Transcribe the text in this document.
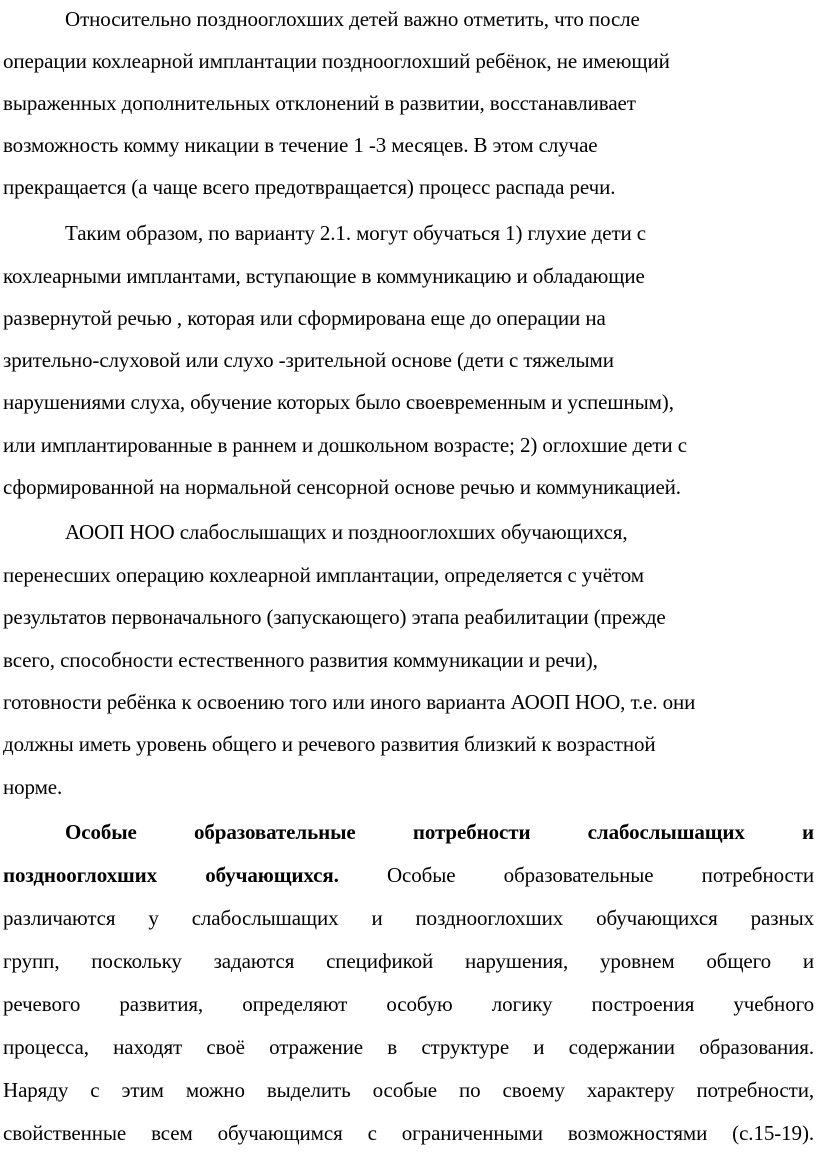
Относительно позднооглохших детей важно отметить, что после
операции кохлеарной имплантации позднооглохший ребёнок, не имеющий
выраженных дополнительных отклонений в развитии, восстанавливает
возможность комму никации в течение 1 -3 месяцев. В этом случае
прекращается (а чаще всего предотвращается) процесс распада речи.
Таким образом, по варианту 2.1. могут обучаться 1) глухие дети с
кохлеарными имплантами, вступающие в коммуникацию и обладающие
развернутой речью , которая или сформирована еще до операции на
зрительно-слуховой или слухо -зрительной основе (дети с тяжелыми
нарушениями слуха, обучение которых было своевременным и успешным),
или имплантированные в раннем и дошкольном возрасте; 2) оглохшие дети с
сформированной на нормальной сенсорной основе речью и коммуникацией.
АООП НОО слабослышащих и позднооглохших обучающихся,
перенесших операцию кохлеарной имплантации, определяется с учётом
результатов первоначального (запускающего) этапа реабилитации (прежде
всего, способности естественного развития коммуникации и речи),
готовности ребёнка к освоению того или иного варианта АООП НОО, т.е. они
должны иметь уровень общего и речевого развития близкий к возрастной
норме.
Особые образовательные потребности слабослышащих и
позднооглохших обучающихся. Особые образовательные потребности
различаются у слабослышащих и позднооглохших обучающихся разных
групп, поскольку задаются спецификой нарушения, уровнем общего и
речевого развития, определяют особую логику построения учебного
процесса, находят своё отражение в структуре и содержании образования.
Наряду с этим можно выделить особые по своему характеру потребности,
свойственные всем обучающимся с ограниченными возможностями (с.15-19).
